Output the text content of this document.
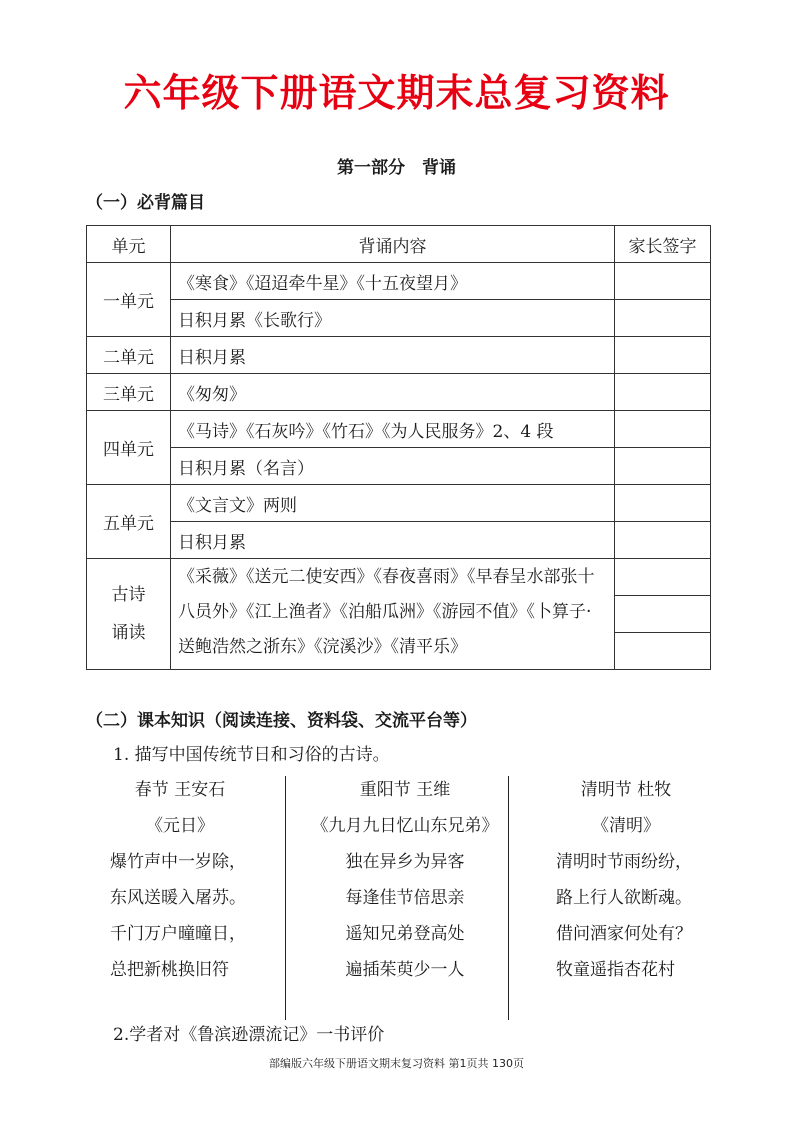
六年级下册语文期末总复习资料
第一部分　背诵
（一）必背篇目
单元	背诵内容	家长签字
一单元	《寒食》《迢迢牵牛星》《十五夜望月》	
	日积月累《长歌行》	
二单元	日积月累	
三单元	《匆匆》	
四单元	《马诗》《石灰吟》《竹石》《为人民服务》2、4 段	
	日积月累（名言）	
五单元	《文言文》两则	
	日积月累	

古诗
诵读	《采薇》《送元二使安西》《春夜喜雨》《早春呈水部张十八员外》《江上渔者》《泊船瓜洲》《游园不值》《卜算子·送鲍浩然之浙东》《浣溪沙》《清平乐》	

（二）课本知识（阅读连接、资料袋、交流平台等）
1. 描写中国传统节日和习俗的古诗。
春节 王安石
《元日》
爆竹声中一岁除，
东风送暖入屠苏。
千门万户曈曈日，
总把新桃换旧符
重阳节 王维
《九月九日忆山东兄弟》
独在异乡为异客
每逢佳节倍思亲
遥知兄弟登高处
遍插茱萸少一人
清明节 杜牧
《清明》
清明时节雨纷纷，
路上行人欲断魂。
借问酒家何处有？
牧童遥指杏花村
2.学者对《鲁滨逊漂流记》一书评价
部编版六年级下册语文期末复习资料 第1页共 130页
